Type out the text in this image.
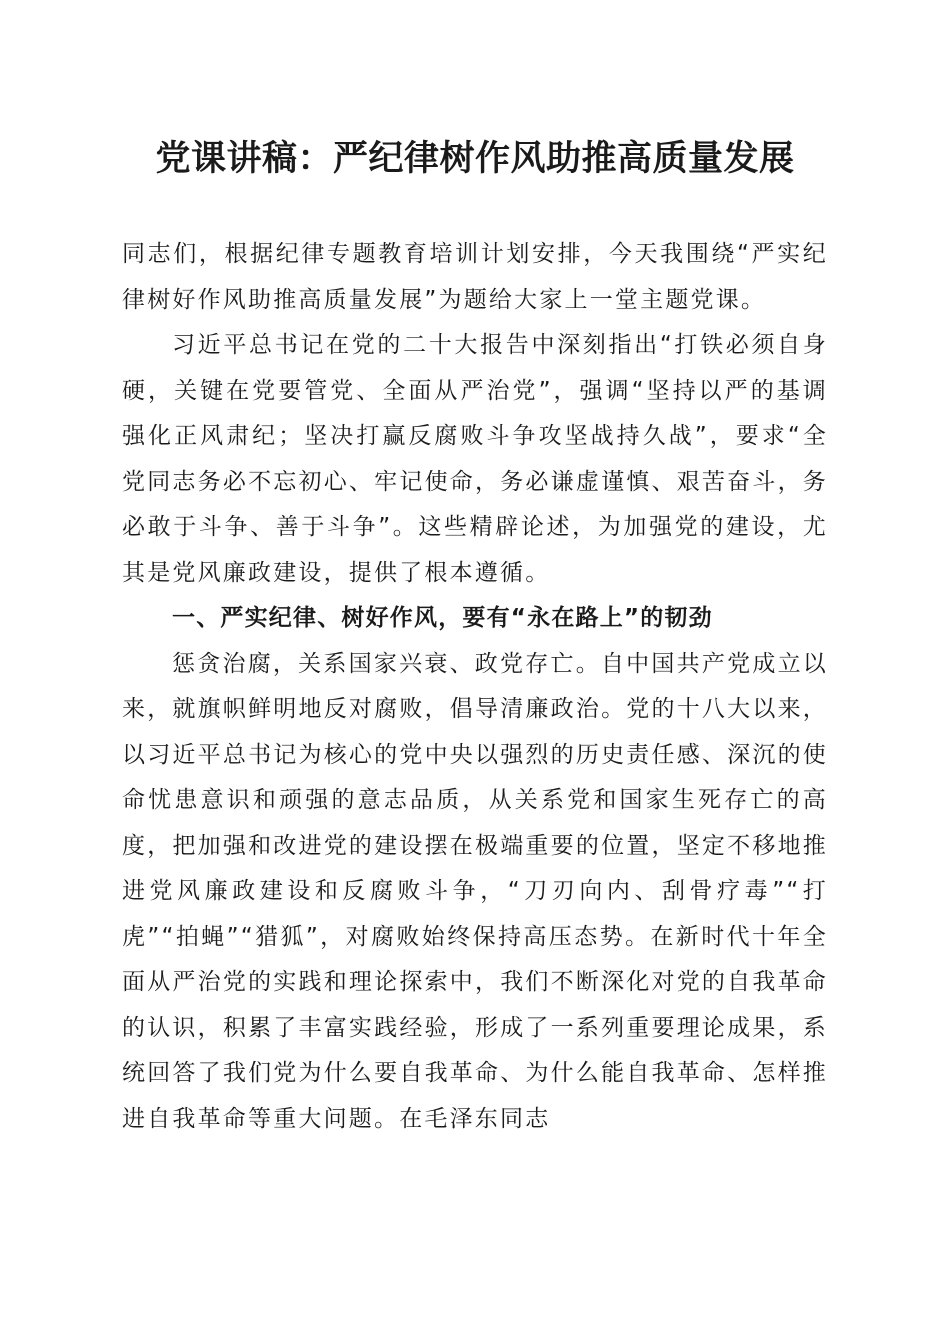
党课讲稿：严纪律树作风助推高质量发展

同志们，根据纪律专题教育培训计划安排，今天我围绕“严实纪律树好作风助推高质量发展”为题给大家上一堂主题党课。

习近平总书记在党的二十大报告中深刻指出“打铁必须自身硬，关键在党要管党、全面从严治党”，强调“坚持以严的基调强化正风肃纪；坚决打赢反腐败斗争攻坚战持久战”，要求“全党同志务必不忘初心、牢记使命，务必谦虚谨慎、艰苦奋斗，务必敢于斗争、善于斗争”。这些精辟论述，为加强党的建设，尤其是党风廉政建设，提供了根本遵循。

一、严实纪律、树好作风，要有“永在路上”的韧劲

惩贪治腐，关系国家兴衰、政党存亡。自中国共产党成立以来，就旗帜鲜明地反对腐败，倡导清廉政治。党的十八大以来，以习近平总书记为核心的党中央以强烈的历史责任感、深沉的使命忧患意识和顽强的意志品质，从关系党和国家生死存亡的高度，把加强和改进党的建设摆在极端重要的位置，坚定不移地推进党风廉政建设和反腐败斗争，“刀刃向内、刮骨疗毒”“打虎”“拍蝇”“猎狐”，对腐败始终保持高压态势。在新时代十年全面从严治党的实践和理论探索中，我们不断深化对党的自我革命的认识，积累了丰富实践经验，形成了一系列重要理论成果，系统回答了我们党为什么要自我革命、为什么能自我革命、怎样推进自我革命等重大问题。在毛泽东同志
